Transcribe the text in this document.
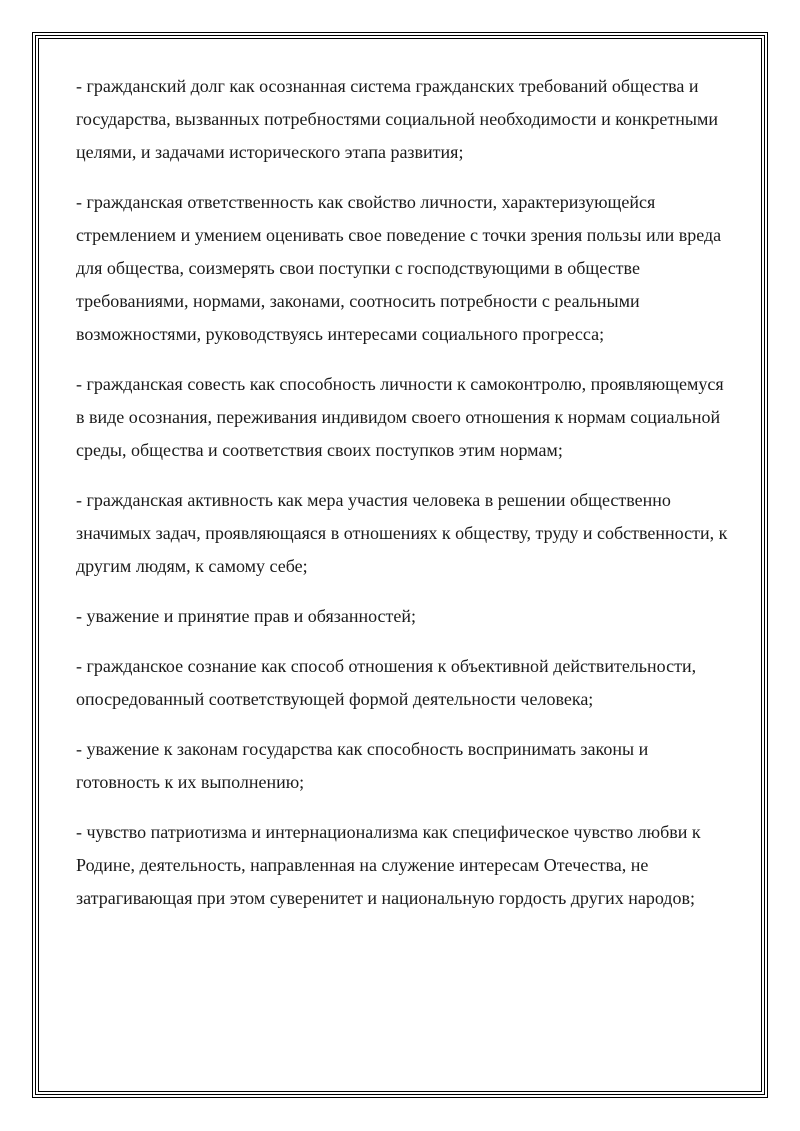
- гражданский долг как осознанная система гражданских требований общества и государства, вызванных потребностями социальной необходимости и конкретными целями, и задачами исторического этапа развития;

- гражданская ответственность как свойство личности, характеризующейся стремлением и умением оценивать свое поведение с точки зрения пользы или вреда для общества, соизмерять свои поступки с господствующими в обществе требованиями, нормами, законами, соотносить потребности с реальными возможностями, руководствуясь интересами социального прогресса;

- гражданская совесть как способность личности к самоконтролю, проявляющемуся в виде осознания, переживания индивидом своего отношения к нормам социальной среды, общества и соответствия своих поступков этим нормам;

- гражданская активность как мера участия человека в решении общественно значимых задач, проявляющаяся в отношениях к обществу, труду и собственности, к другим людям, к самому себе;

- уважение и принятие прав и обязанностей;

- гражданское сознание как способ отношения к объективной действительности, опосредованный соответствующей формой деятельности человека;

- уважение к законам государства как способность воспринимать законы и готовность к их выполнению;

- чувство патриотизма и интернационализма как специфическое чувство любви к Родине, деятельность, направленная на служение интересам Отечества, не затрагивающая при этом суверенитет и национальную гордость других народов;
